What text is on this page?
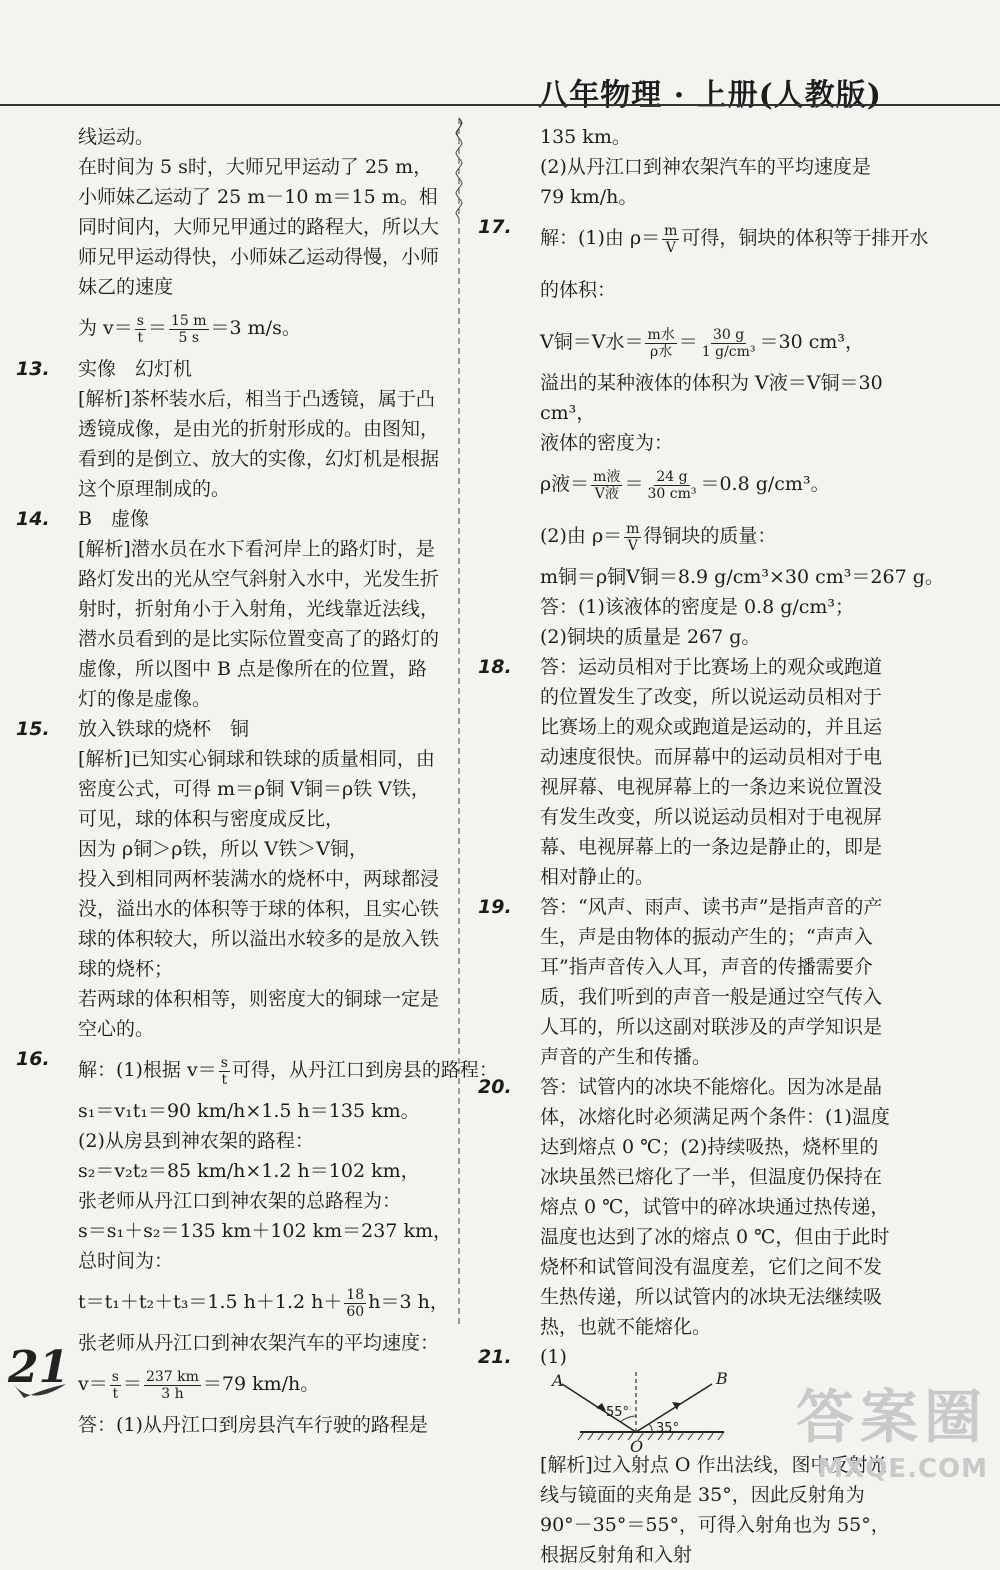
八年物理 · 上册(人教版)

线运动。

在时间为 5 s时，大师兄甲运动了 25 m，小师妹乙运动了 25 m－10 m＝15 m。相同时间内，大师兄甲通过的路程大，所以大师兄甲运动得快，小师妹乙运动得慢，小师妹乙的速度

为 $v= \frac{s}{t} = \frac{15 m}{5 s} =3$ m/s。

13.	实像　幻灯机

[解析]茶杯装水后，相当于凸透镜，属于凸透镜成像，是由光的折射形成的。由图知，看到的是倒立、放大的实像，幻灯机是根据这个原理制成的。

14.	B　虚像

[解析]潜水员在水下看河岸上的路灯时，是路灯发出的光从空气斜射入水中，光发生折射时，折射角小于入射角，光线靠近法线，潜水员看到的是比实际位置变高了的路灯的虚像，所以图中 B 点是像所在的位置，路灯的像是虚像。

15.	放入铁球的烧杯　铜

[解析]已知实心铜球和铁球的质量相同，由密度公式，可得 m＝ρ铜 V铜＝ρ铁 V铁，

可见，球的体积与密度成反比，

因为 ρ铜＞ρ铁，所以 V铁＞V铜，

投入到相同两杯装满水的烧杯中，两球都浸没，溢出水的体积等于球的体积，且实心铁球的体积较大，所以溢出水较多的是放入铁球的烧杯；

若两球的体积相等，则密度大的铜球一定是空心的。

16.	解：(1)根据 $v= \frac{s}{t}$ 可得，从丹江口到房县的路程：

s₁＝v₁t₁＝90 km/h×1.5 h＝135 km。

(2)从房县到神农架的路程：

s₂＝v₂t₂＝85 km/h×1.2 h＝102 km，

张老师从丹江口到神农架的总路程为：

s＝s₁＋s₂＝135 km＋102 km＝237 km，

总时间为：

t＝t₁＋t₂＋t₃＝1.5 h＋1.2 $h+ \frac{18}{60} h=3$ h，

张老师从丹江口到神农架汽车的平均速度：

$v= \frac{s}{t} = \frac{237 km}{3 h} =79$ km/h。

答：(1)从丹江口到房县汽车行驶的路程是

135 km。

(2)从丹江口到神农架汽车的平均速度是 79 km/h。

17.	解：(1)由 $\rho= \frac{m}{V}$ 可得，铜块的体积等于排开水的体积：

V铜＝V水＝ $\frac{\text{m水}}{\text{ρ水}} = \frac{30 g}{\text{1 g/cm³}} =30$ cm³，

溢出的某种液体的体积为 V液＝V铜＝30 cm³，

液体的密度为：

ρ液＝ $\frac{\text{m液}}{\text{V液}} = \frac{24 g}{\text{30 cm³}} =0.8$ g/cm³。

(2)由 $\rho= \frac{m}{V}$ 得铜块的质量：

m铜＝ρ铜V铜＝8.9 g/cm³×30 cm³＝267 g。

答：(1)该液体的密度是 0.8 g/cm³；

(2)铜块的质量是 267 g。

18.	答：运动员相对于比赛场上的观众或跑道的位置发生了改变，所以说运动员相对于比赛场上的观众或跑道是运动的，并且运动速度很快。而屏幕中的运动员相对于电视屏幕、电视屏幕上的一条边来说位置没有发生改变，所以说运动员相对于电视屏幕、电视屏幕上的一条边是静止的，即是相对静止的。

19.	答：“风声、雨声、读书声”是指声音的产生，声是由物体的振动产生的；“声声入耳”指声音传入人耳，声音的传播需要介质，我们听到的声音一般是通过空气传入人耳的，所以这副对联涉及的声学知识是声音的产生和传播。

20.	答：试管内的冰块不能熔化。因为冰是晶体，冰熔化时必须满足两个条件：(1)温度达到熔点 0 ℃；(2)持续吸热，烧杯里的冰块虽然已熔化了一半，但温度仍保持在熔点 0 ℃，试管中的碎冰块通过热传递，温度也达到了冰的熔点 0 ℃，但由于此时烧杯和试管间没有温度差，它们之间不发生热传递，所以试管内的冰块无法继续吸热，也就不能熔化。

21.	(1)

A	B
O
55°
35°

[解析]过入射点 O 作出法线，图中反射光线与镜面的夹角是 35°，因此反射角为 90°－35°＝55°，可得入射角也为 55°，根据反射角和入射

21
答案圈
MXQE.COM
